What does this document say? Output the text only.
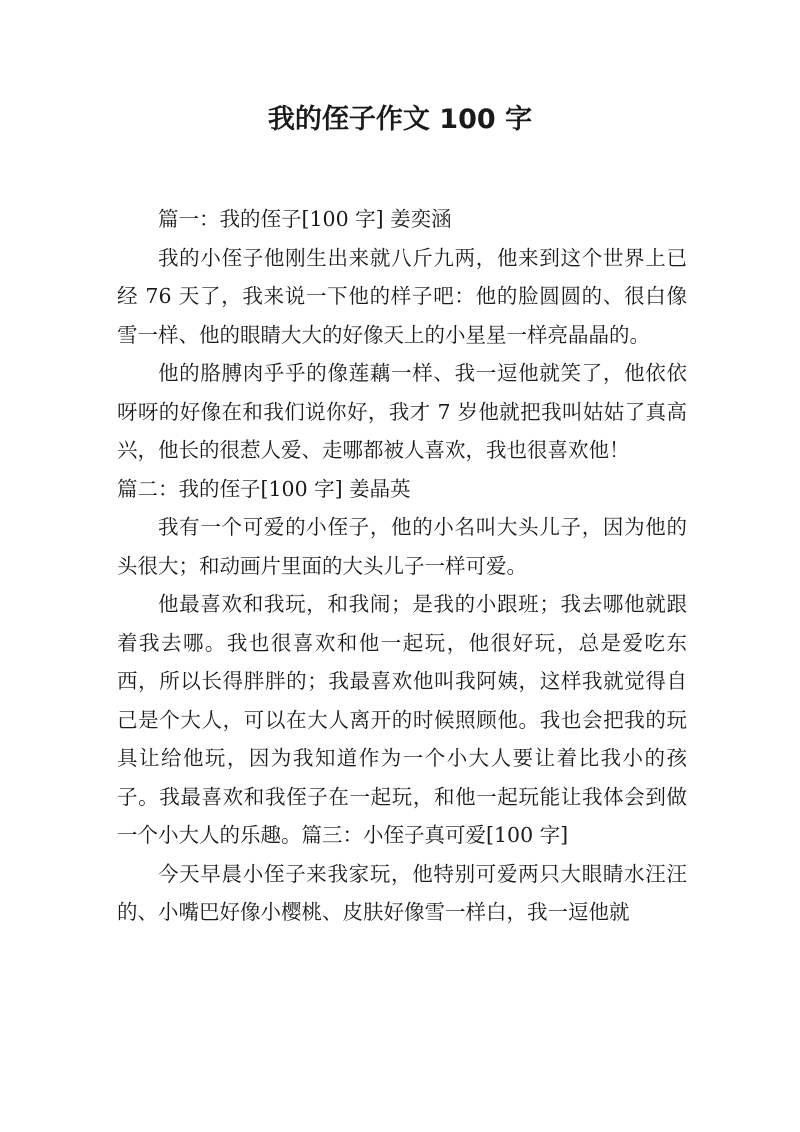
我的侄子作文 100 字

篇一：我的侄子[100 字] 姜奕涵

我的小侄子他刚生出来就八斤九两，他来到这个世界上已经 76 天了，我来说一下他的样子吧：他的脸圆圆的、很白像雪一样、他的眼睛大大的好像天上的小星星一样亮晶晶的。

他的胳膊肉乎乎的像莲藕一样、我一逗他就笑了，他依依呀呀的好像在和我们说你好，我才 7 岁他就把我叫姑姑了真高兴，他长的很惹人爱、走哪都被人喜欢，我也很喜欢他！

篇二：我的侄子[100 字] 姜晶英

我有一个可爱的小侄子，他的小名叫大头儿子，因为他的头很大；和动画片里面的大头儿子一样可爱。

他最喜欢和我玩，和我闹；是我的小跟班；我去哪他就跟着我去哪。我也很喜欢和他一起玩，他很好玩，总是爱吃东西，所以长得胖胖的；我最喜欢他叫我阿姨，这样我就觉得自己是个大人，可以在大人离开的时候照顾他。我也会把我的玩具让给他玩，因为我知道作为一个小大人要让着比我小的孩子。我最喜欢和我侄子在一起玩，和他一起玩能让我体会到做一个小大人的乐趣。篇三：小侄子真可爱[100 字]

今天早晨小侄子来我家玩，他特别可爱两只大眼睛水汪汪的、小嘴巴好像小樱桃、皮肤好像雪一样白，我一逗他就
